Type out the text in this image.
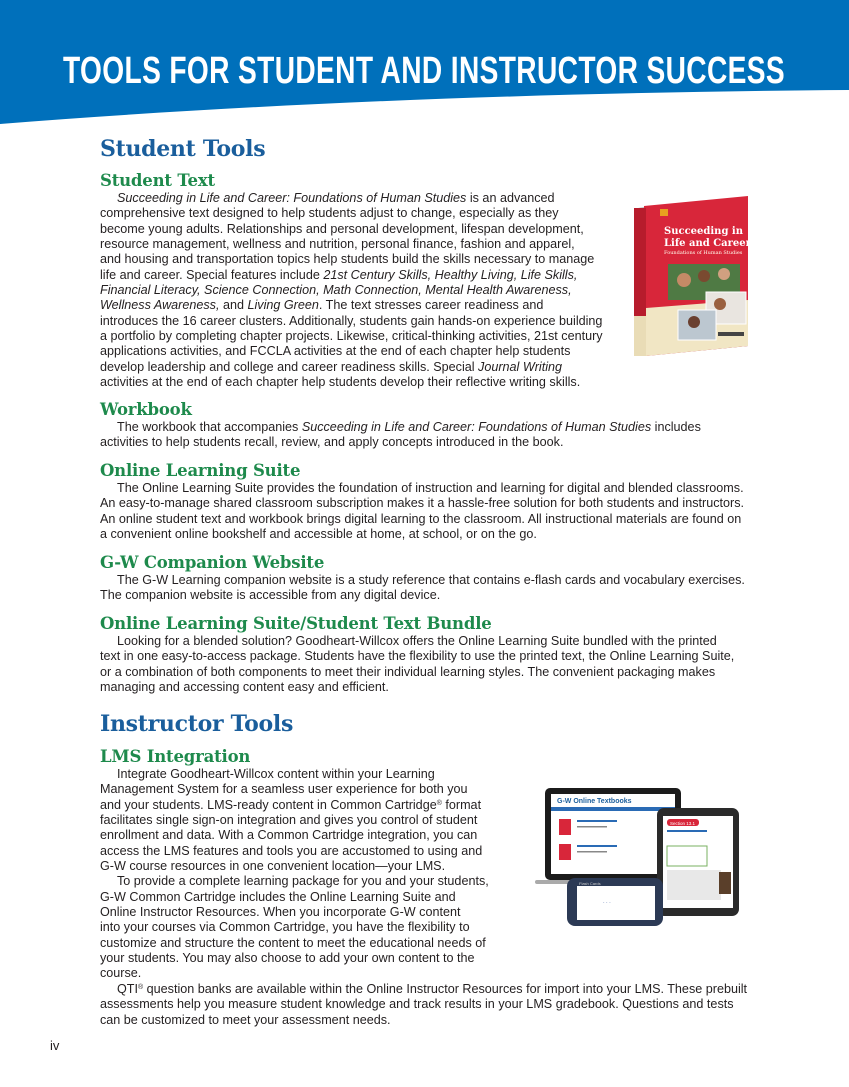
TOOLS FOR STUDENT AND INSTRUCTOR SUCCESS
Student Tools
Student Text
Succeeding in Life and Career: Foundations of Human Studies is an advanced
comprehensive text designed to help students adjust to change, especially as they
become young adults. Relationships and personal development, lifespan development,
resource management, wellness and nutrition, personal finance, fashion and apparel,
and housing and transportation topics help students build the skills necessary to manage
life and career. Special features include 21st Century Skills, Healthy Living, Life Skills,
Financial Literacy, Science Connection, Math Connection, Mental Health Awareness,
Wellness Awareness, and Living Green. The text stresses career readiness and
introduces the 16 career clusters. Additionally, students gain hands-on experience building
a portfolio by completing chapter projects. Likewise, critical-thinking activities, 21st century
applications activities, and FCCLA activities at the end of each chapter help students
develop leadership and college and career readiness skills. Special Journal Writing
activities at the end of each chapter help students develop their reflective writing skills.
Workbook
The workbook that accompanies Succeeding in Life and Career: Foundations of Human Studies includes
activities to help students recall, review, and apply concepts introduced in the book.
Online Learning Suite
The Online Learning Suite provides the foundation of instruction and learning for digital and blended classrooms.
An easy-to-manage shared classroom subscription makes it a hassle-free solution for both students and instructors.
An online student text and workbook brings digital learning to the classroom. All instructional materials are found on
a convenient online bookshelf and accessible at home, at school, or on the go.
G-W Companion Website
The G-W Learning companion website is a study reference that contains e-flash cards and vocabulary exercises.
The companion website is accessible from any digital device.
Online Learning Suite/Student Text Bundle
Looking for a blended solution? Goodheart-Willcox offers the Online Learning Suite bundled with the printed
text in one easy-to-access package. Students have the flexibility to use the printed text, the Online Learning Suite,
or a combination of both components to meet their individual learning styles. The convenient packaging makes
managing and accessing content easy and efficient.
Instructor Tools
LMS Integration
Integrate Goodheart-Willcox content within your Learning
Management System for a seamless user experience for both you
and your students. LMS-ready content in Common Cartridge® format
facilitates single sign-on integration and gives you control of student
enrollment and data. With a Common Cartridge integration, you can
access the LMS features and tools you are accustomed to using and
G-W course resources in one convenient location—your LMS.
To provide a complete learning package for you and your students,
G-W Common Cartridge includes the Online Learning Suite and
Online Instructor Resources. When you incorporate G-W content
into your courses via Common Cartridge, you have the flexibility to
customize and structure the content to meet the educational needs of
your students. You may also choose to add your own content to the
course.
QTI® question banks are available within the Online Instructor Resources for import into your LMS. These prebuilt
assessments help you measure student knowledge and track results in your LMS gradebook. Questions and tests
can be customized to meet your assessment needs.
Succeeding in
Life and Career
Foundations of Human Studies
G-W Online Textbooks
Section 13.1
Flash Cards
· · ·
iv
